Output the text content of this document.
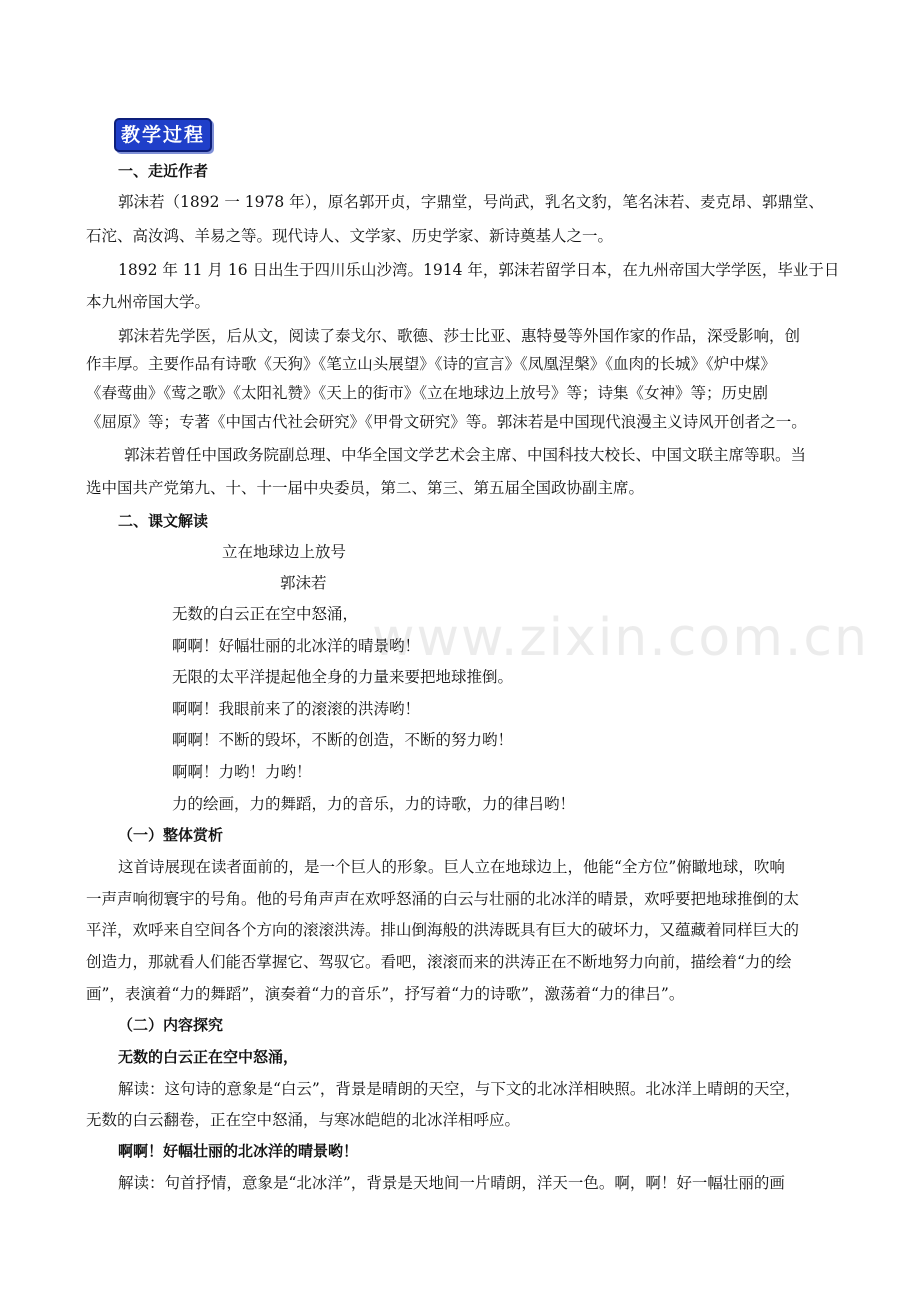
教学过程
www.zixin.com.cn
一、走近作者
郭沫若（1892 一 1978 年），原名郭开贞，字鼎堂，号尚武，乳名文豹，笔名沫若、麦克昂、郭鼎堂、
石沱、高汝鸿、羊易之等。现代诗人、文学家、历史学家、新诗奠基人之一。
1892 年 11 月 16 日出生于四川乐山沙湾。1914 年，郭沫若留学日本，在九州帝国大学学医，毕业于日
本九州帝国大学。
郭沫若先学医，后从文，阅读了泰戈尔、歌德、莎士比亚、惠特曼等外国作家的作品，深受影响，创
作丰厚。主要作品有诗歌《天狗》《笔立山头展望》《诗的宣言》《凤凰涅槃》《血肉的长城》《炉中煤》
《春莺曲》《莺之歌》《太阳礼赞》《天上的街市》《立在地球边上放号》等；诗集《女神》等；历史剧
《屈原》等；专著《中国古代社会研究》《甲骨文研究》等。郭沫若是中国现代浪漫主义诗风开创者之一。
郭沫若曾任中国政务院副总理、中华全国文学艺术会主席、中国科技大校长、中国文联主席等职。当
选中国共产党第九、十、十一届中央委员，第二、第三、第五届全国政协副主席。
二、课文解读
立在地球边上放号
郭沫若
无数的白云正在空中怒涌，
啊啊！好幅壮丽的北冰洋的晴景哟！
无限的太平洋提起他全身的力量来要把地球推倒。
啊啊！我眼前来了的滚滚的洪涛哟！
啊啊！不断的毁坏，不断的创造，不断的努力哟！
啊啊！力哟！力哟！
力的绘画，力的舞蹈，力的音乐，力的诗歌，力的律吕哟！
（一）整体赏析
这首诗展现在读者面前的，是一个巨人的形象。巨人立在地球边上，他能“全方位”俯瞰地球，吹响
一声声响彻寰宇的号角。他的号角声声在欢呼怒涌的白云与壮丽的北冰洋的晴景，欢呼要把地球推倒的太
平洋，欢呼来自空间各个方向的滚滚洪涛。排山倒海般的洪涛既具有巨大的破坏力，又蕴藏着同样巨大的
创造力，那就看人们能否掌握它、驾驭它。看吧，滚滚而来的洪涛正在不断地努力向前，描绘着“力的绘
画”，表演着“力的舞蹈”，演奏着“力的音乐”，抒写着“力的诗歌”，激荡着“力的律吕”。
（二）内容探究
无数的白云正在空中怒涌，
解读：这句诗的意象是“白云”，背景是晴朗的天空，与下文的北冰洋相映照。北冰洋上晴朗的天空，
无数的白云翻卷，正在空中怒涌，与寒冰皑皑的北冰洋相呼应。
啊啊！好幅壮丽的北冰洋的晴景哟！
解读：句首抒情，意象是“北冰洋”，背景是天地间一片晴朗，洋天一色。啊，啊！好一幅壮丽的画
